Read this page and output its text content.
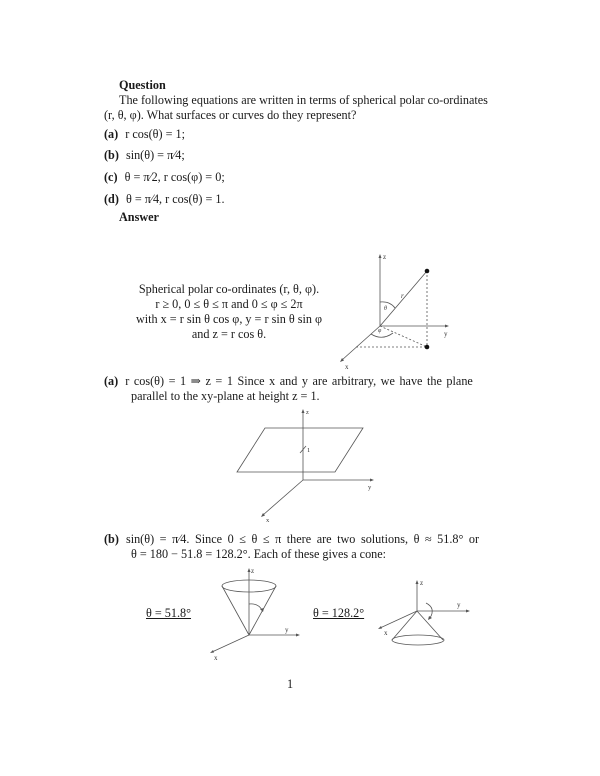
Question
The following equations are written in terms of spherical polar co-ordinates
(r, θ, φ). What surfaces or curves do they represent?
(a) r cos(θ) = 1;
(b) sin(θ) = π⁄4;
(c) θ = π⁄2, r cos(φ) = 0;
(d) θ = π⁄4, r cos(θ) = 1.
Answer
Spherical polar co-ordinates (r, θ, φ).
r ≥ 0, 0 ≤ θ ≤ π and 0 ≤ φ ≤ 2π
with x = r sin θ cos φ, y = r sin θ sin φ
and z = r cos θ.
z
y
x
r
θ
φ
(a) r cos(θ) = 1 ⇒ z = 1 Since x and y are arbitrary, we have the plane
parallel to the xy-plane at height z = 1.
z
y
x
1
(b) sin(θ) = π⁄4. Since 0 ≤ θ ≤ π there are two solutions, θ ≈ 51.8° or
θ = 180 − 51.8 = 128.2°. Each of these gives a cone:
θ = 51.8°	θ = 128.2°
z
y
x
z
y
x
1
